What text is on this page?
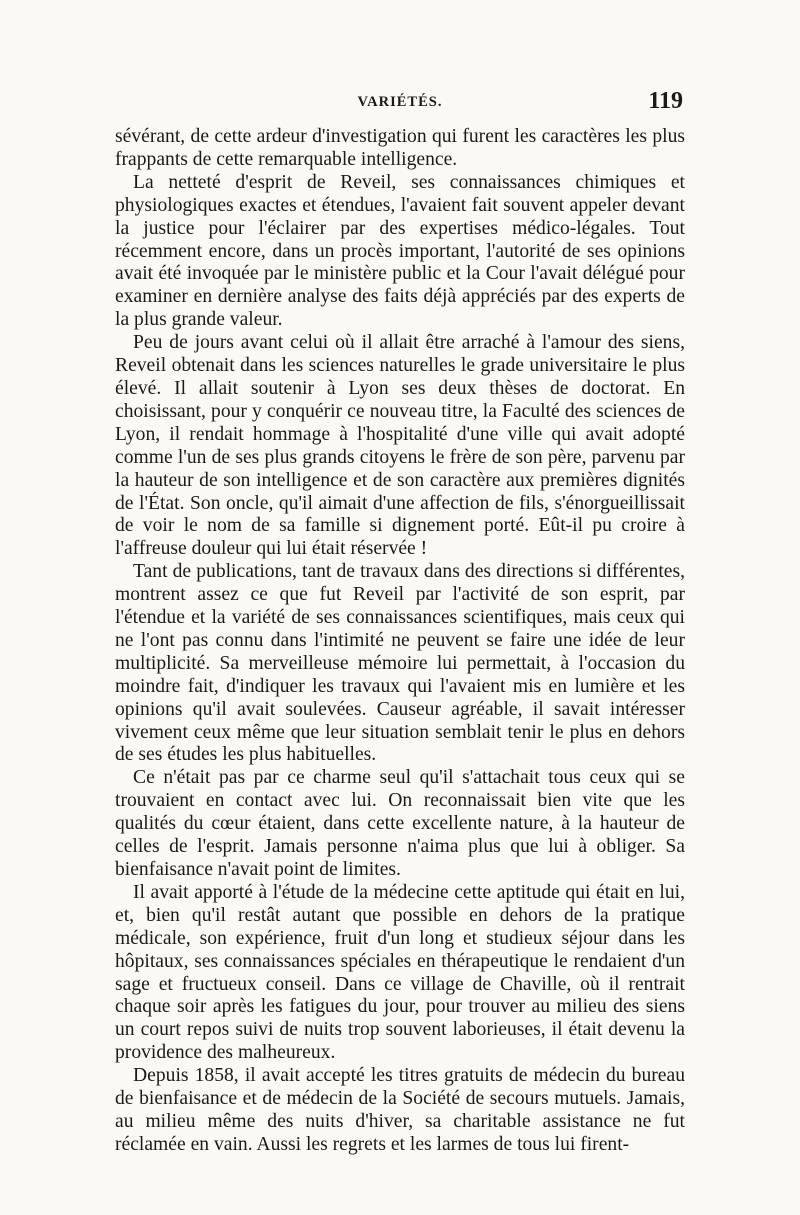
VARIÉTÉS.	119

sévérant, de cette ardeur d'investigation qui furent les caractères les plus frappants de cette remarquable intelligence.

La netteté d'esprit de Reveil, ses connaissances chimiques et physiologiques exactes et étendues, l'avaient fait souvent appeler devant la justice pour l'éclairer par des expertises médico-légales. Tout récemment encore, dans un procès important, l'autorité de ses opinions avait été invoquée par le ministère public et la Cour l'avait délégué pour examiner en dernière analyse des faits déjà appréciés par des experts de la plus grande valeur.

Peu de jours avant celui où il allait être arraché à l'amour des siens, Reveil obtenait dans les sciences naturelles le grade universitaire le plus élevé. Il allait soutenir à Lyon ses deux thèses de doctorat. En choisissant, pour y conquérir ce nouveau titre, la Faculté des sciences de Lyon, il rendait hommage à l'hospitalité d'une ville qui avait adopté comme l'un de ses plus grands citoyens le frère de son père, parvenu par la hauteur de son intelligence et de son caractère aux premières dignités de l'État. Son oncle, qu'il aimait d'une affection de fils, s'énorgueillissait de voir le nom de sa famille si dignement porté. Eût-il pu croire à l'affreuse douleur qui lui était réservée !

Tant de publications, tant de travaux dans des directions si différentes, montrent assez ce que fut Reveil par l'activité de son esprit, par l'étendue et la variété de ses connaissances scientifiques, mais ceux qui ne l'ont pas connu dans l'intimité ne peuvent se faire une idée de leur multiplicité. Sa merveilleuse mémoire lui permettait, à l'occasion du moindre fait, d'indiquer les travaux qui l'avaient mis en lumière et les opinions qu'il avait soulevées. Causeur agréable, il savait intéresser vivement ceux même que leur situation semblait tenir le plus en dehors de ses études les plus habituelles.

Ce n'était pas par ce charme seul qu'il s'attachait tous ceux qui se trouvaient en contact avec lui. On reconnaissait bien vite que les qualités du cœur étaient, dans cette excellente nature, à la hauteur de celles de l'esprit. Jamais personne n'aima plus que lui à obliger. Sa bienfaisance n'avait point de limites.

Il avait apporté à l'étude de la médecine cette aptitude qui était en lui, et, bien qu'il restât autant que possible en dehors de la pratique médicale, son expérience, fruit d'un long et studieux séjour dans les hôpitaux, ses connaissances spéciales en thérapeutique le rendaient d'un sage et fructueux conseil. Dans ce village de Chaville, où il rentrait chaque soir après les fatigues du jour, pour trouver au milieu des siens un court repos suivi de nuits trop souvent laborieuses, il était devenu la providence des malheureux.

Depuis 1858, il avait accepté les titres gratuits de médecin du bureau de bienfaisance et de médecin de la Société de secours mutuels. Jamais, au milieu même des nuits d'hiver, sa charitable assistance ne fut réclamée en vain. Aussi les regrets et les larmes de tous lui firent-
